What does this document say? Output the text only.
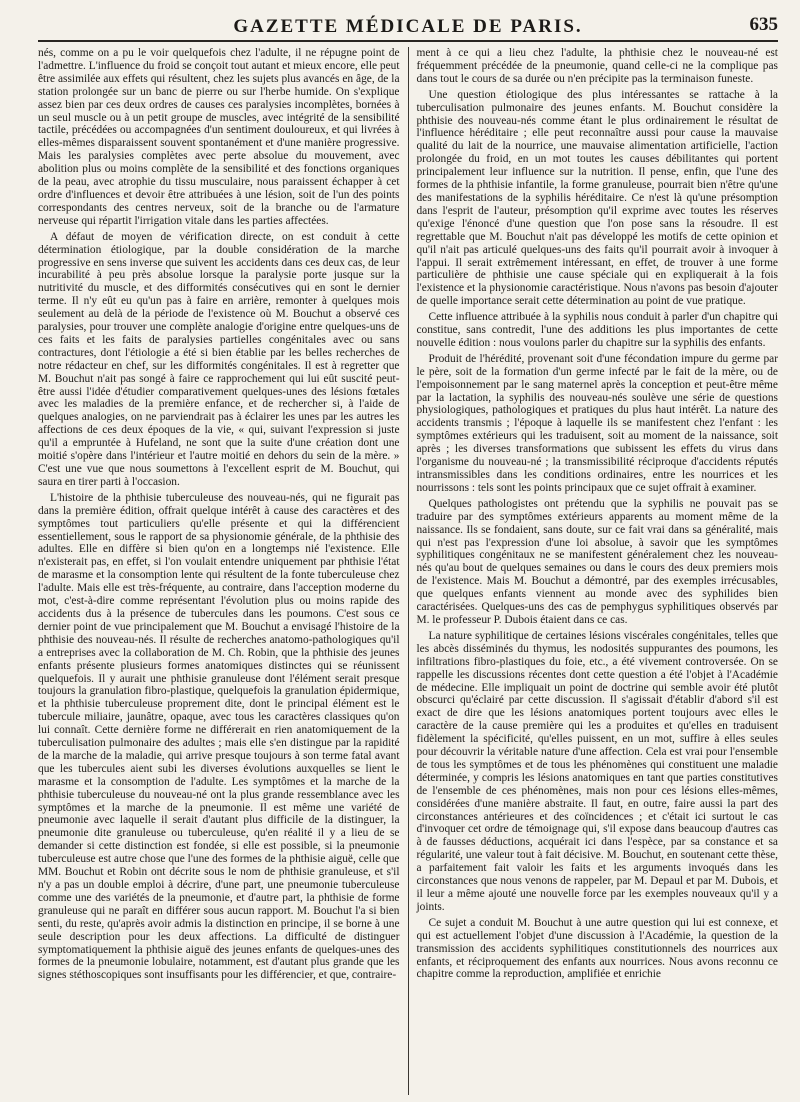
GAZETTE MÉDICALE DE PARIS.	635

nés, comme on a pu le voir quelquefois chez l'adulte, il ne répugne point de l'admettre. L'influence du froid se conçoit tout autant et mieux encore, elle peut être assimilée aux effets qui résultent, chez les sujets plus avancés en âge, de la station prolongée sur un banc de pierre ou sur l'herbe humide. On s'explique assez bien par ces deux ordres de causes ces paralysies incomplètes, bornées à un seul muscle ou à un petit groupe de muscles, avec intégrité de la sensibilité tactile, précédées ou accompagnées d'un sentiment douloureux, et qui livrées à elles-mêmes disparaissent souvent spontanément et d'une manière progressive. Mais les paralysies complètes avec perte absolue du mouvement, avec abolition plus ou moins complète de la sensibilité et des fonctions organiques de la peau, avec atrophie du tissu musculaire, nous paraissent échapper à cet ordre d'influences et devoir être attribuées à une lésion, soit de l'un des points correspondants des centres nerveux, soit de la branche ou de l'armature nerveuse qui répartit l'irrigation vitale dans les parties affectées.

A défaut de moyen de vérification directe, on est conduit à cette détermination étiologique, par la double considération de la marche progressive en sens inverse que suivent les accidents dans ces deux cas, de leur incurabilité à peu près absolue lorsque la paralysie porte jusque sur la nutritivité du muscle, et des difformités consécutives qui en sont le dernier terme. Il n'y eût eu qu'un pas à faire en arrière, remonter à quelques mois seulement au delà de la période de l'existence où M. Bouchut a observé ces paralysies, pour trouver une complète analogie d'origine entre quelques-uns de ces faits et les faits de paralysies partielles congénitales avec ou sans contractures, dont l'étiologie a été si bien établie par les belles recherches de notre rédacteur en chef, sur les difformités congénitales. Il est à regretter que M. Bouchut n'ait pas songé à faire ce rapprochement qui lui eût suscité peut-être aussi l'idée d'étudier comparativement quelques-unes des lésions fœtales avec les maladies de la première enfance, et de rechercher si, à l'aide de quelques analogies, on ne parviendrait pas à éclairer les unes par les autres les affections de ces deux époques de la vie, « qui, suivant l'expression si juste qu'il a empruntée à Hufeland, ne sont que la suite d'une création dont une moitié s'opère dans l'intérieur et l'autre moitié en dehors du sein de la mère. » C'est une vue que nous soumettons à l'excellent esprit de M. Bouchut, qui saura en tirer parti à l'occasion.

L'histoire de la phthisie tuberculeuse des nouveau-nés, qui ne figurait pas dans la première édition, offrait quelque intérêt à cause des caractères et des symptômes tout particuliers qu'elle présente et qui la différencient essentiellement, sous le rapport de sa physionomie générale, de la phthisie des adultes. Elle en diffère si bien qu'on en a longtemps nié l'existence. Elle n'existerait pas, en effet, si l'on voulait entendre uniquement par phthisie l'état de marasme et la consomption lente qui résultent de la fonte tuberculeuse chez l'adulte. Mais elle est très-fréquente, au contraire, dans l'acception moderne du mot, c'est-à-dire comme représentant l'évolution plus ou moins rapide des accidents dus à la présence de tubercules dans les poumons. C'est sous ce dernier point de vue principalement que M. Bouchut a envisagé l'histoire de la phthisie des nouveau-nés. Il résulte de recherches anatomo-pathologiques qu'il a entreprises avec la collaboration de M. Ch. Robin, que la phthisie des jeunes enfants présente plusieurs formes anatomiques distinctes qui se réunissent quelquefois. Il y aurait une phthisie granuleuse dont l'élément serait presque toujours la granulation fibro-plastique, quelquefois la granulation épidermique, et la phthisie tuberculeuse proprement dite, dont le principal élément est le tubercule miliaire, jaunâtre, opaque, avec tous les caractères classiques qu'on lui connaît. Cette dernière forme ne différerait en rien anatomiquement de la tuberculisation pulmonaire des adultes ; mais elle s'en distingue par la rapidité de la marche de la maladie, qui arrive presque toujours à son terme fatal avant que les tubercules aient subi les diverses évolutions auxquelles se lient le marasme et la consomption de l'adulte. Les symptômes et la marche de la phthisie tuberculeuse du nouveau-né ont la plus grande ressemblance avec les symptômes et la marche de la pneumonie. Il est même une variété de pneumonie avec laquelle il serait d'autant plus difficile de la distinguer, la pneumonie dite granuleuse ou tuberculeuse, qu'en réalité il y a lieu de se demander si cette distinction est fondée, si elle est possible, si la pneumonie tuberculeuse est autre chose que l'une des formes de la phthisie aiguë, celle que MM. Bouchut et Robin ont décrite sous le nom de phthisie granuleuse, et s'il n'y a pas un double emploi à décrire, d'une part, une pneumonie tuberculeuse comme une des variétés de la pneumonie, et d'autre part, la phthisie de forme granuleuse qui ne paraît en différer sous aucun rapport. M. Bouchut l'a si bien senti, du reste, qu'après avoir admis la distinction en principe, il se borne à une seule description pour les deux affections. La difficulté de distinguer symptomatiquement la phthisie aiguë des jeunes enfants de quelques-unes des formes de la pneumonie lobulaire, notamment, est d'autant plus grande que les signes stéthoscopiques sont insuffisants pour les différencier, et que, contraire-

ment à ce qui a lieu chez l'adulte, la phthisie chez le nouveau-né est fréquemment précédée de la pneumonie, quand celle-ci ne la complique pas dans tout le cours de sa durée ou n'en précipite pas la terminaison funeste.

Une question étiologique des plus intéressantes se rattache à la tuberculisation pulmonaire des jeunes enfants. M. Bouchut considère la phthisie des nouveau-nés comme étant le plus ordinairement le résultat de l'influence héréditaire ; elle peut reconnaître aussi pour cause la mauvaise qualité du lait de la nourrice, une mauvaise alimentation artificielle, l'action prolongée du froid, en un mot toutes les causes débilitantes qui portent principalement leur influence sur la nutrition. Il pense, enfin, que l'une des formes de la phthisie infantile, la forme granuleuse, pourrait bien n'être qu'une des manifestations de la syphilis héréditaire. Ce n'est là qu'une présomption dans l'esprit de l'auteur, présomption qu'il exprime avec toutes les réserves qu'exige l'énoncé d'une question que l'on pose sans la résoudre. Il est regrettable que M. Bouchut n'ait pas développé les motifs de cette opinion et qu'il n'ait pas articulé quelques-uns des faits qu'il pourrait avoir à invoquer à l'appui. Il serait extrêmement intéressant, en effet, de trouver à une forme particulière de phthisie une cause spéciale qui en expliquerait à la fois l'existence et la physionomie caractéristique. Nous n'avons pas besoin d'ajouter de quelle importance serait cette détermination au point de vue pratique.

Cette influence attribuée à la syphilis nous conduit à parler d'un chapitre qui constitue, sans contredit, l'une des additions les plus importantes de cette nouvelle édition : nous voulons parler du chapitre sur la syphilis des enfants.

Produit de l'hérédité, provenant soit d'une fécondation impure du germe par le père, soit de la formation d'un germe infecté par le fait de la mère, ou de l'empoisonnement par le sang maternel après la conception et peut-être même par la lactation, la syphilis des nouveau-nés soulève une série de questions physiologiques, pathologiques et pratiques du plus haut intérêt. La nature des accidents transmis ; l'époque à laquelle ils se manifestent chez l'enfant : les symptômes extérieurs qui les traduisent, soit au moment de la naissance, soit après ; les diverses transformations que subissent les effets du virus dans l'organisme du nouveau-né ; la transmissibilité réciproque d'accidents réputés intransmissibles dans les conditions ordinaires, entre les nourrices et les nourrissons : tels sont les points principaux que ce sujet offrait à examiner.

Quelques pathologistes ont prétendu que la syphilis ne pouvait pas se traduire par des symptômes extérieurs apparents au moment même de la naissance. Ils se fondaient, sans doute, sur ce fait vrai dans sa généralité, mais qui n'est pas l'expression d'une loi absolue, à savoir que les symptômes syphilitiques congénitaux ne se manifestent généralement chez les nouveau-nés qu'au bout de quelques semaines ou dans le cours des deux premiers mois de l'existence. Mais M. Bouchut a démontré, par des exemples irrécusables, que quelques enfants viennent au monde avec des syphilides bien caractérisées. Quelques-uns des cas de pemphygus syphilitiques observés par M. le professeur P. Dubois étaient dans ce cas.

La nature syphilitique de certaines lésions viscérales congénitales, telles que les abcès disséminés du thymus, les nodosités suppurantes des poumons, les infiltrations fibro-plastiques du foie, etc., a été vivement controversée. On se rappelle les discussions récentes dont cette question a été l'objet à l'Académie de médecine. Elle impliquait un point de doctrine qui semble avoir été plutôt obscurci qu'éclairé par cette discussion. Il s'agissait d'établir d'abord s'il est exact de dire que les lésions anatomiques portent toujours avec elles le caractère de la cause première qui les a produites et qu'elles en traduisent fidèlement la spécificité, qu'elles puissent, en un mot, suffire à elles seules pour découvrir la véritable nature d'une affection. Cela est vrai pour l'ensemble de tous les symptômes et de tous les phénomènes qui constituent une maladie déterminée, y compris les lésions anatomiques en tant que parties constitutives de l'ensemble de ces phénomènes, mais non pour ces lésions elles-mêmes, considérées d'une manière abstraite. Il faut, en outre, faire aussi la part des circonstances antérieures et des coïncidences ; et c'était ici surtout le cas d'invoquer cet ordre de témoignage qui, s'il expose dans beaucoup d'autres cas à de fausses déductions, acquérait ici dans l'espèce, par sa constance et sa régularité, une valeur tout à fait décisive. M. Bouchut, en soutenant cette thèse, a parfaitement fait valoir les faits et les arguments invoqués dans les circonstances que nous venons de rappeler, par M. Depaul et par M. Dubois, et il leur a même ajouté une nouvelle force par les exemples nouveaux qu'il y a joints.

Ce sujet a conduit M. Bouchut à une autre question qui lui est connexe, et qui est actuellement l'objet d'une discussion à l'Académie, la question de la transmission des accidents syphilitiques constitutionnels des nourrices aux enfants, et réciproquement des enfants aux nourrices. Nous avons reconnu ce chapitre comme la reproduction, amplifiée et enrichie
